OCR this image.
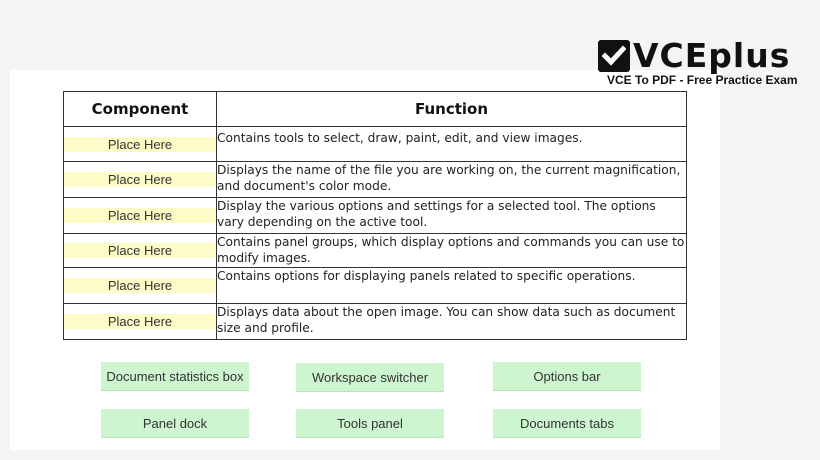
VCEplus
VCE To PDF - Free Practice Exam
Component	Function

Place Here	Contains tools to select, draw, paint, edit, and view images.

Place Here	Displays the name of the file you are working on, the current magnification, and document's color mode.

Place Here	Display the various options and settings for a selected tool. The options vary depending on the active tool.

Place Here	Contains panel groups, which display options and commands you can use to modify images.

Place Here	Contains options for displaying panels related to specific operations.

Place Here	Displays data about the open image. You can show data such as document size and profile.
Document statistics box	Workspace switcher	Options bar
Panel dock	Tools panel	Documents tabs
